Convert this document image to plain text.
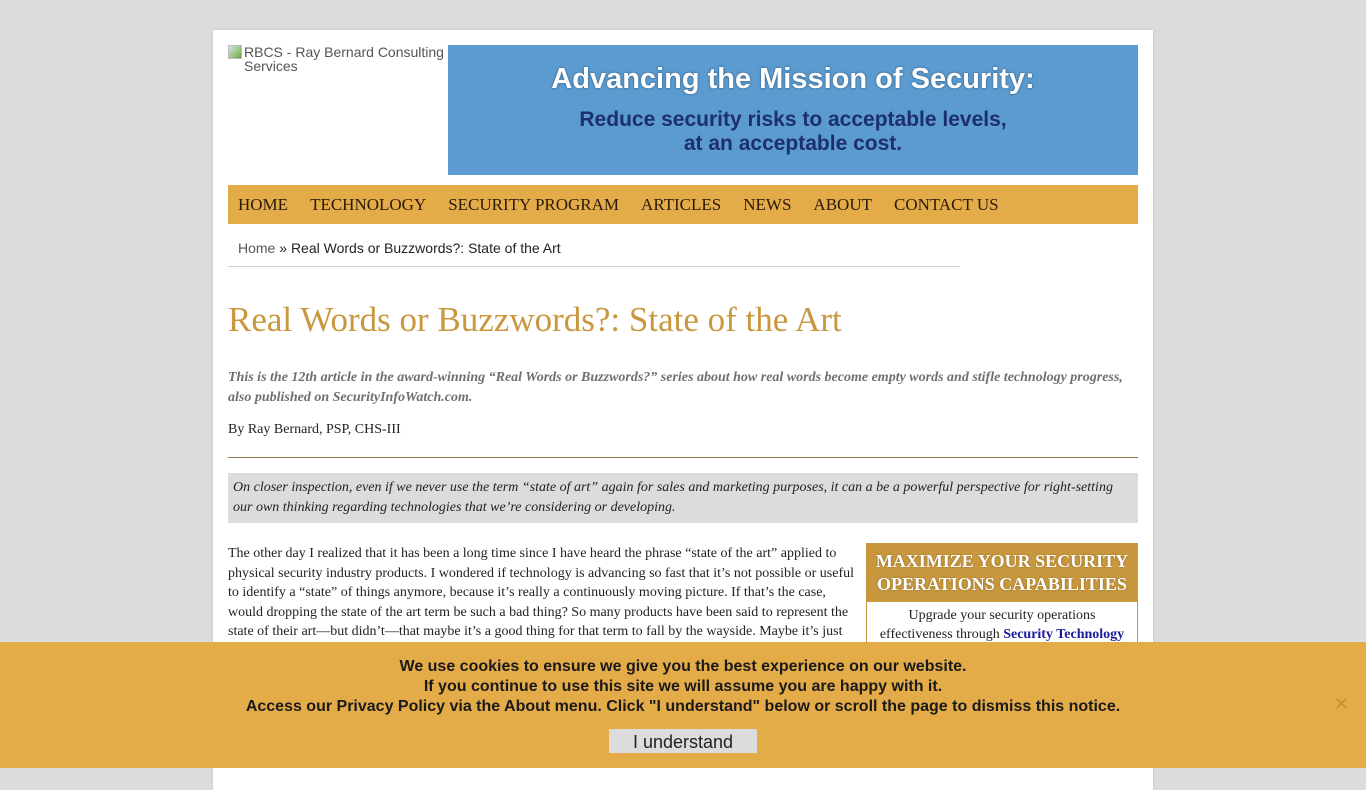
RBCS - Ray Bernard Consulting
Services	Advancing the Mission of Security:
Reduce security risks to acceptable levels,
at an acceptable cost.
HOME TECHNOLOGY SECURITY PROGRAM ARTICLES NEWS ABOUT CONTACT US
Home » Real Words or Buzzwords?: State of the Art
Real Words or Buzzwords?: State of the Art

This is the 12th article in the award-winning “Real Words or Buzzwords?” series about how real words become empty words and stifle technology progress, also published on SecurityInfoWatch.com.

By Ray Bernard, PSP, CHS-III

On closer inspection, even if we never use the term “state of art” again for sales and marketing purposes, it can a be a powerful perspective for right-setting our own thinking regarding technologies that we’re considering or developing.

The other day I realized that it has been a long time since I have heard the phrase “state of the art” applied to physical security industry products. I wondered if technology is advancing so fast that it’s not possible or useful to identify a “state” of things anymore, because it’s really a continuously moving picture. If that’s the case, would dropping the state of the art term be such a bad thing? So many products have been said to represent the state of their art—but didn’t—that maybe it’s a good thing for that term to fall by the wayside. Maybe it’s just

MAXIMIZE YOUR SECURITY OPERATIONS CAPABILITIES
Upgrade your security operations effectiveness through Security Technology
We use cookies to ensure we give you the best experience on our website.
If you continue to use this site we will assume you are happy with it.
Access our Privacy Policy via the About menu. Click "I understand" below or scroll the page to dismiss this notice.
I understand
✕
